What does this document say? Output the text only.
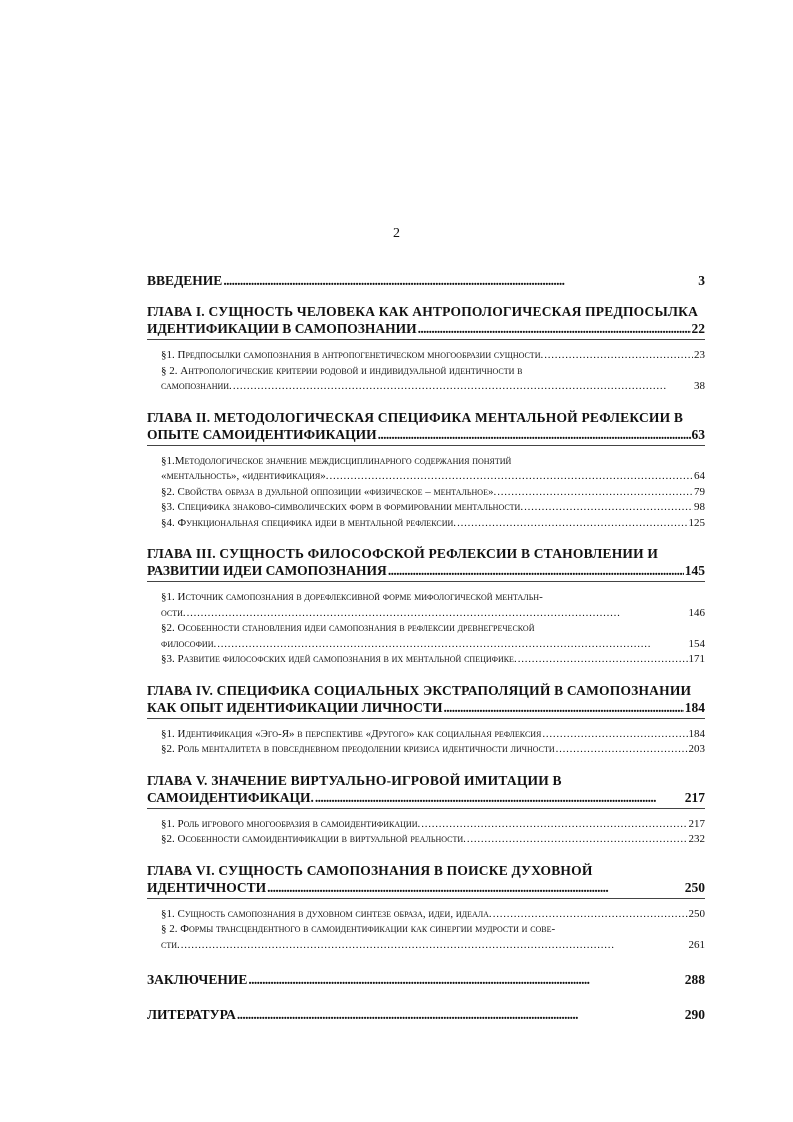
2
ВВЕДЕНИЕ . . .	3
ГЛАВА I. СУЩНОСТЬ ЧЕЛОВЕКА КАК АНТРОПОЛОГИЧЕСКАЯ ПРЕДПОСЫЛКА
ИДЕНТИФИКАЦИИ В САМОПОЗНАНИИ . . .	22
§1. Предпосылки самопознания в антропогенетическом многообразии сущности. . . .	23
§ 2. Антропологические критерии родовой и индивидуальной идентичности в
самопознании. . . .	38
ГЛАВА II. МЕТОДОЛОГИЧЕСКАЯ СПЕЦИФИКА МЕНТАЛЬНОЙ РЕФЛЕКСИИ В
ОПЫТЕ САМОИДЕНТИФИКАЦИИ . . .	63
§1.Методологическое значение междисциплинарного содержания понятий
«ментальность», «идентификация». . . .	64
§2. Свойства образа в дуальной оппозиции «физическое – ментальное». . . .	79
§3. Специфика знаково-символических форм в формировании ментальности. . . .	98
§4. Функциональная специфика идеи в ментальной рефлексии. . . .	125
ГЛАВА III. СУЩНОСТЬ ФИЛОСОФСКОЙ РЕФЛЕКСИИ В СТАНОВЛЕНИИ И
РАЗВИТИИ ИДЕИ САМОПОЗНАНИЯ . . .	145
§1. Источник самопознания в дорефлексивной форме мифологической ментальн-
ости. . . .	146
§2. Особенности становления идеи самопознания в рефлексии древнегреческой
философии. . . .	154
§3. Развитие философских идей самопознания в их ментальной специфике. . . .	171
ГЛАВА IV. СПЕЦИФИКА СОЦИАЛЬНЫХ ЭКСТРАПОЛЯЦИЙ В САМОПОЗНАНИИ
КАК ОПЫТ ИДЕНТИФИКАЦИИ ЛИЧНОСТИ . . .	184
§1. Идентификация «Эго-Я» в перспективе «Другого» как социальная рефлексия . . .	184
§2. Роль менталитета в повседневном преодолении кризиса идентичности личности . . .	203
ГЛАВА V. ЗНАЧЕНИЕ ВИРТУАЛЬНО-ИГРОВОЙ ИМИТАЦИИ В
САМОИДЕНТИФИКАЦИ. . . .	217
§1. Роль игрового многообразия в самоидентификации. . . .	217
§2. Особенности самоидентификации в виртуальной реальности. . . .	232
ГЛАВА VI. СУЩНОСТЬ САМОПОЗНАНИЯ В ПОИСКЕ ДУХОВНОЙ
ИДЕНТИЧНОСТИ . . .	250
§1. Сущность самопознания в духовном синтезе образа, идеи, идеала. . . .	250
§ 2. Формы трансцендентного в самоидентификации как синергии мудрости и сове-
сти. . . .	261
ЗАКЛЮЧЕНИЕ . . .	288
ЛИТЕРАТУРА . . .	290
